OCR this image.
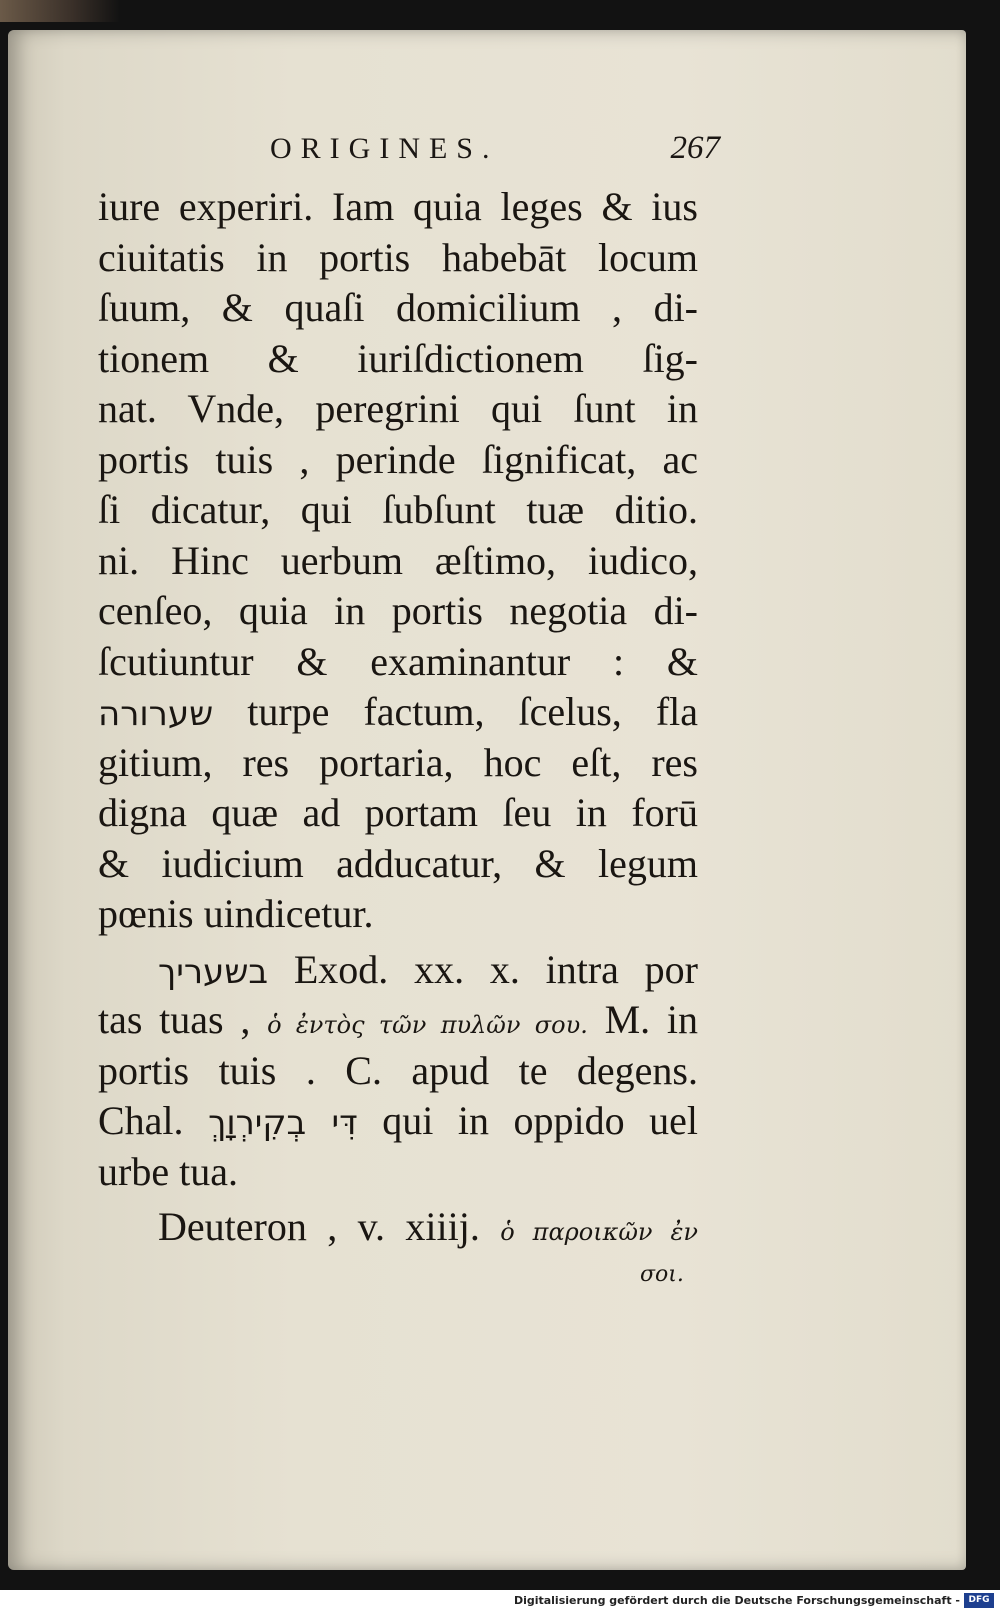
ORIGINES.	267
iure experiri. Iam quia leges & ius
ciuitatis in portis habebāt locum
ſuum, & quaſi domicilium , di-
tionem & iuriſdictionem ſig-
nat. Vnde, peregrini qui ſunt in
portis tuis , perinde ſignificat, ac
ſi dicatur, qui ſubſunt tuæ ditio.
ni. Hinc uerbum æſtimo, iudico,
cenſeo, quia in portis negotia di-
ſcutiuntur & examinantur : &
שערורה turpe factum, ſcelus, fla
gitium, res portaria, hoc eſt, res
digna quæ ad portam ſeu in forū
& iudicium adducatur, & legum
pœnis uindicetur.
בשעריך Exod. xx. x. intra por
tas tuas , ὁ ἐντὸς τῶν πυλῶν σου. M. in
portis tuis . C. apud te degens.
Chal. דִּי בְקִירְוָךְ qui in oppido uel
urbe tua.
Deuteron , v. xiiij. ὁ παροικῶν ἐν
σοι.
Digitalisierung gefördert durch die Deutsche Forschungsgemeinschaft - DFG
